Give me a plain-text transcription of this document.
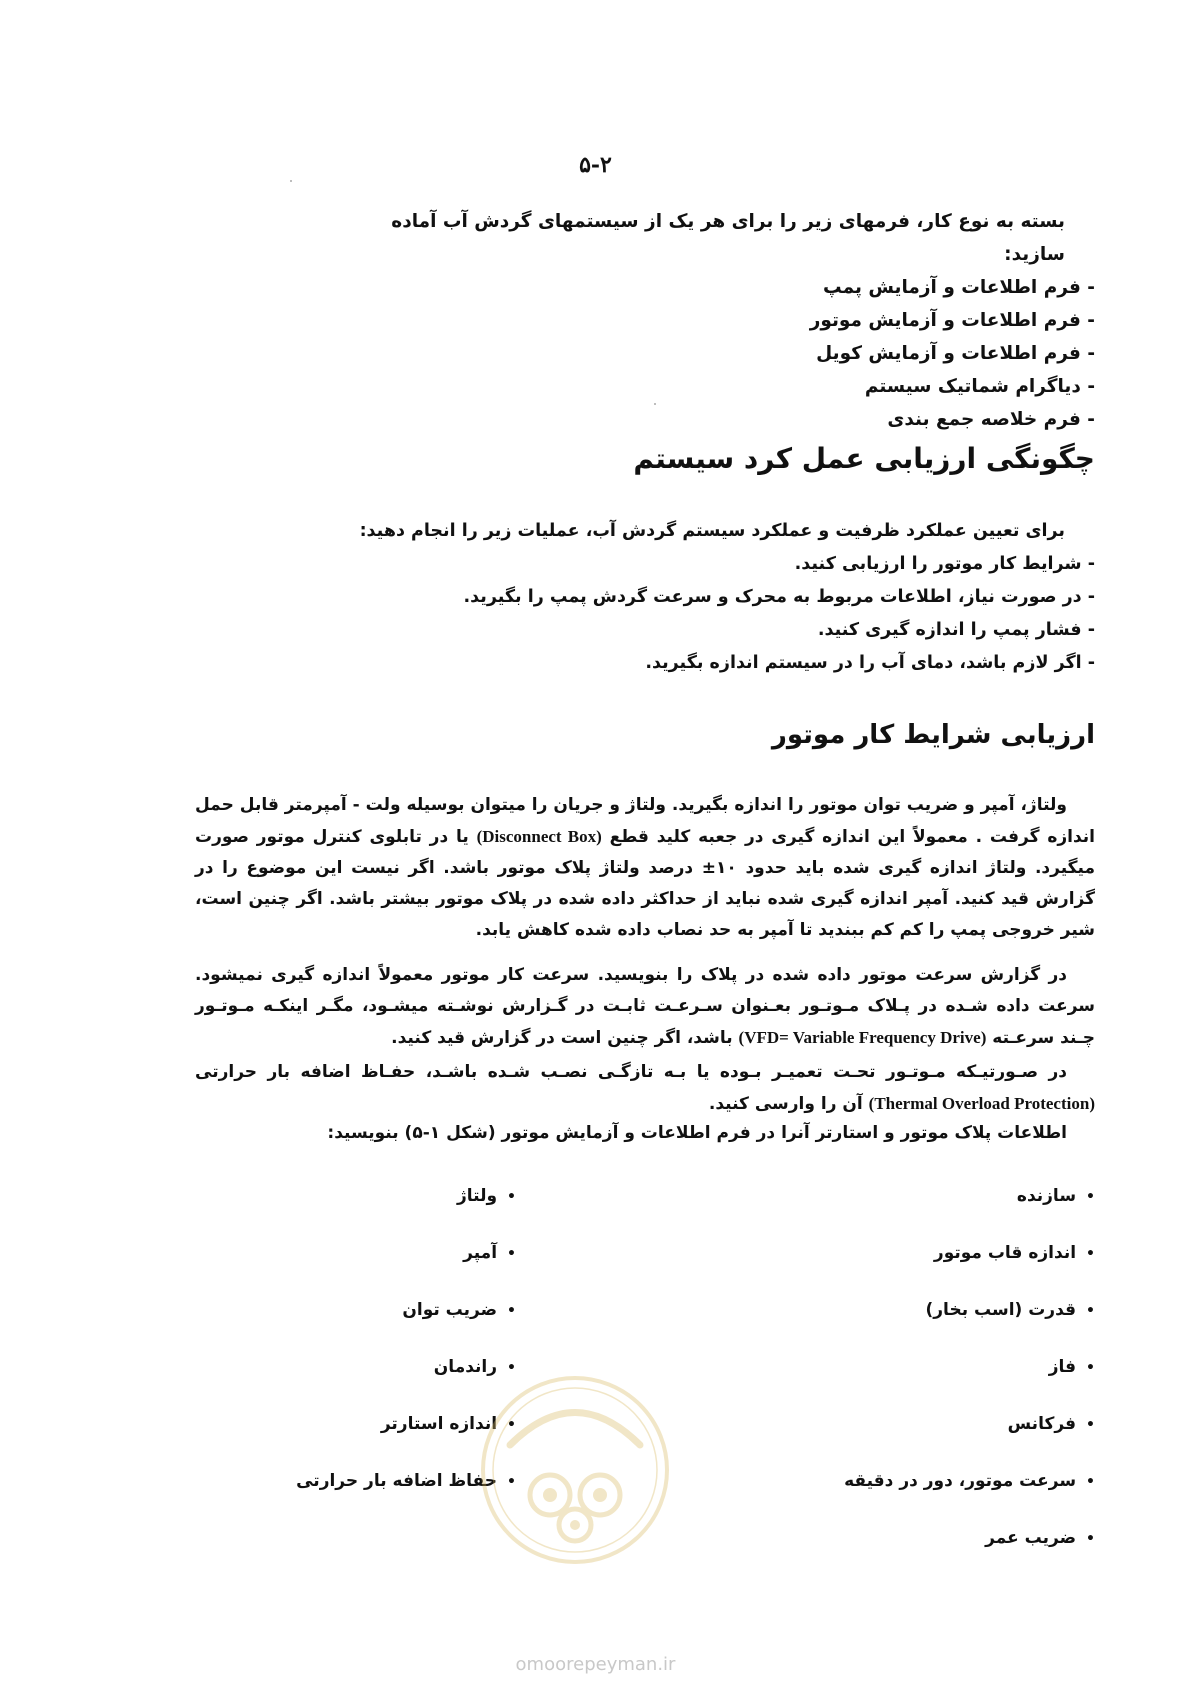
۵-۲
بسته به نوع کار، فرمهای زیر را برای هر یک از سیستمهای گردش آب آماده سازید:
- فرم اطلاعات و آزمایش پمپ
- فرم اطلاعات و آزمایش موتور
- فرم اطلاعات و آزمایش کویل
- دیاگرام شماتیک سیستم
- فرم خلاصه جمع بندی
چگونگی ارزیابی عمل کرد سیستم
برای تعیین عملکرد ظرفیت و عملکرد سیستم گردش آب، عملیات زیر را انجام دهید:
- شرایط کار موتور را ارزیابی کنید.
- در صورت نیاز، اطلاعات مربوط به محرک و سرعت گردش پمپ را بگیرید.
- فشار پمپ را اندازه گیری کنید.
- اگر لازم باشد، دمای آب را در سیستم اندازه بگیرید.
ارزیابی شرایط کار موتور
ولتاژ، آمپر و ضریب توان موتور را اندازه بگیرید. ولتاژ و جریان را میتوان بوسیله ولت - آمپرمتر قابل حمل اندازه گرفت . معمولاً این اندازه گیری در جعبه کلید قطع (Disconnect Box) یا در تابلوی کنترل موتور صورت میگیرد. ولتاژ اندازه گیری شده باید حدود ۱۰± درصد ولتاژ پلاک موتور باشد. اگر نیست این موضوع را در گزارش قید کنید. آمپر اندازه گیری شده نباید از حداکثر داده شده در پلاک موتور بیشتر باشد. اگر چنین است، شیر خروجی پمپ را کم کم ببندید تا آمپر به حد نصاب داده شده کاهش یابد.
در گزارش سرعت موتور داده شده در پلاک را بنویسید. سرعت کار موتور معمولاً اندازه گیری نمیشود. سرعت داده شـده در پـلاک مـوتـور بعـنوان سـرعـت ثابـت در گـزارش نوشـته میشـود، مگـر اینکـه مـوتـور چـند سرعـته (VFD= Variable Frequency Drive) باشد، اگر چنین است در گزارش قید کنید.
در صـورتیـکه مـوتـور تحـت تعمیـر بـوده یا بـه تازگـی نصـب شـده باشـد، حفـاظ اضافه بار حرارتی (Thermal Overload Protection) آن را وارسی کنید.
اطلاعات پلاک موتور و استارتر آنرا در فرم اطلاعات و آزمایش موتور (شکل ۱-۵) بنویسید:
•سازنده
•اندازه قاب موتور
•قدرت (اسب بخار)
•فاز
•فرکانس
•سرعت موتور، دور در دقیقه
•ضریب عمر
•ولتاژ
•آمپر
•ضریب توان
•راندمان
•اندازه استارتر
•حفاظ اضافه بار حرارتی
omoorepeyman.ir
